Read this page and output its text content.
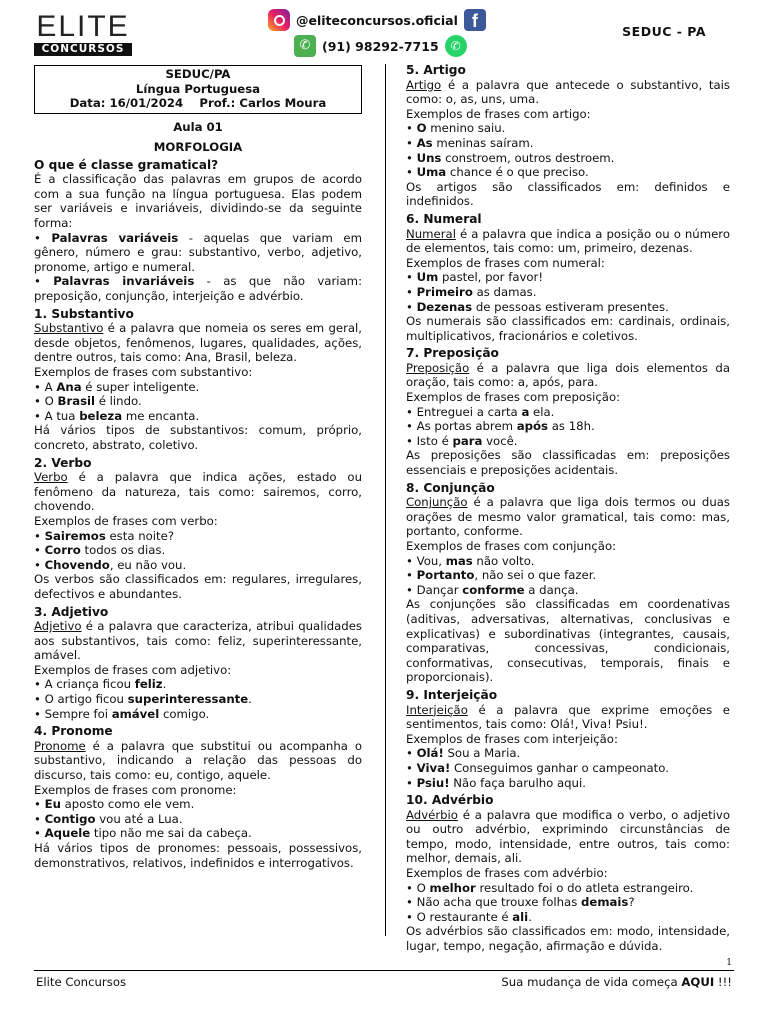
ELITE
CONCURSOS
@eliteconcursos.oficial f
✆ (91) 98292-7715 ✆
SEDUC - PA
SEDUC/PA
Língua Portuguesa
Data: 16/01/2024 Prof.: Carlos Moura

Aula 01

MORFOLOGIA

O que é classe gramatical?

É a classificação das palavras em grupos de acordo com a sua função na língua portuguesa. Elas podem ser variáveis e invariáveis, dividindo-se da seguinte forma:

• Palavras variáveis - aquelas que variam em gênero, número e grau: substantivo, verbo, adjetivo, pronome, artigo e numeral.

• Palavras invariáveis - as que não variam: preposição, conjunção, interjeição e advérbio.

1. Substantivo

Substantivo é a palavra que nomeia os seres em geral, desde objetos, fenômenos, lugares, qualidades, ações, dentre outros, tais como: Ana, Brasil, beleza.

Exemplos de frases com substantivo:

• A Ana é super inteligente.

• O Brasil é lindo.

• A tua beleza me encanta.

Há vários tipos de substantivos: comum, próprio, concreto, abstrato, coletivo.

2. Verbo

Verbo é a palavra que indica ações, estado ou fenômeno da natureza, tais como: sairemos, corro, chovendo.

Exemplos de frases com verbo:

• Sairemos esta noite?

• Corro todos os dias.

• Chovendo, eu não vou.

Os verbos são classificados em: regulares, irregulares, defectivos e abundantes.

3. Adjetivo

Adjetivo é a palavra que caracteriza, atribui qualidades aos substantivos, tais como: feliz, superinteressante, amável.

Exemplos de frases com adjetivo:

• A criança ficou feliz.

• O artigo ficou superinteressante.

• Sempre foi amável comigo.

4. Pronome

Pronome é a palavra que substitui ou acompanha o substantivo, indicando a relação das pessoas do discurso, tais como: eu, contigo, aquele.

Exemplos de frases com pronome:

• Eu aposto como ele vem.

• Contigo vou até a Lua.

• Aquele tipo não me sai da cabeça.

Há vários tipos de pronomes: pessoais, possessivos, demonstrativos, relativos, indefinidos e interrogativos.

5. Artigo

Artigo é a palavra que antecede o substantivo, tais como: o, as, uns, uma.

Exemplos de frases com artigo:

• O menino saiu.

• As meninas saíram.

• Uns constroem, outros destroem.

• Uma chance é o que preciso.

Os artigos são classificados em: definidos e indefinidos.

6. Numeral

Numeral é a palavra que indica a posição ou o número de elementos, tais como: um, primeiro, dezenas.

Exemplos de frases com numeral:

• Um pastel, por favor!

• Primeiro as damas.

• Dezenas de pessoas estiveram presentes.

Os numerais são classificados em: cardinais, ordinais, multiplicativos, fracionários e coletivos.

7. Preposição

Preposição é a palavra que liga dois elementos da oração, tais como: a, após, para.

Exemplos de frases com preposição:

• Entreguei a carta a ela.

• As portas abrem após as 18h.

• Isto é para você.

As preposições são classificadas em: preposições essenciais e preposições acidentais.

8. Conjunção

Conjunção é a palavra que liga dois termos ou duas orações de mesmo valor gramatical, tais como: mas, portanto, conforme.

Exemplos de frases com conjunção:

• Vou, mas não volto.

• Portanto, não sei o que fazer.

• Dançar conforme a dança.

As conjunções são classificadas em coordenativas (aditivas, adversativas, alternativas, conclusivas e explicativas) e subordinativas (integrantes, causais, comparativas, concessivas, condicionais, conformativas, consecutivas, temporais, finais e proporcionais).

9. Interjeição

Interjeição é a palavra que exprime emoções e sentimentos, tais como: Olá!, Viva! Psiu!.

Exemplos de frases com interjeição:

• Olá! Sou a Maria.

• Viva! Conseguimos ganhar o campeonato.

• Psiu! Não faça barulho aqui.

10. Advérbio

Advérbio é a palavra que modifica o verbo, o adjetivo ou outro advérbio, exprimindo circunstâncias de tempo, modo, intensidade, entre outros, tais como: melhor, demais, ali.

Exemplos de frases com advérbio:

• O melhor resultado foi o do atleta estrangeiro.

• Não acha que trouxe folhas demais?

• O restaurante é ali.

Os advérbios são classificados em: modo, intensidade, lugar, tempo, negação, afirmação e dúvida.

1
Elite Concursos	Sua mudança de vida começa AQUI !!!
